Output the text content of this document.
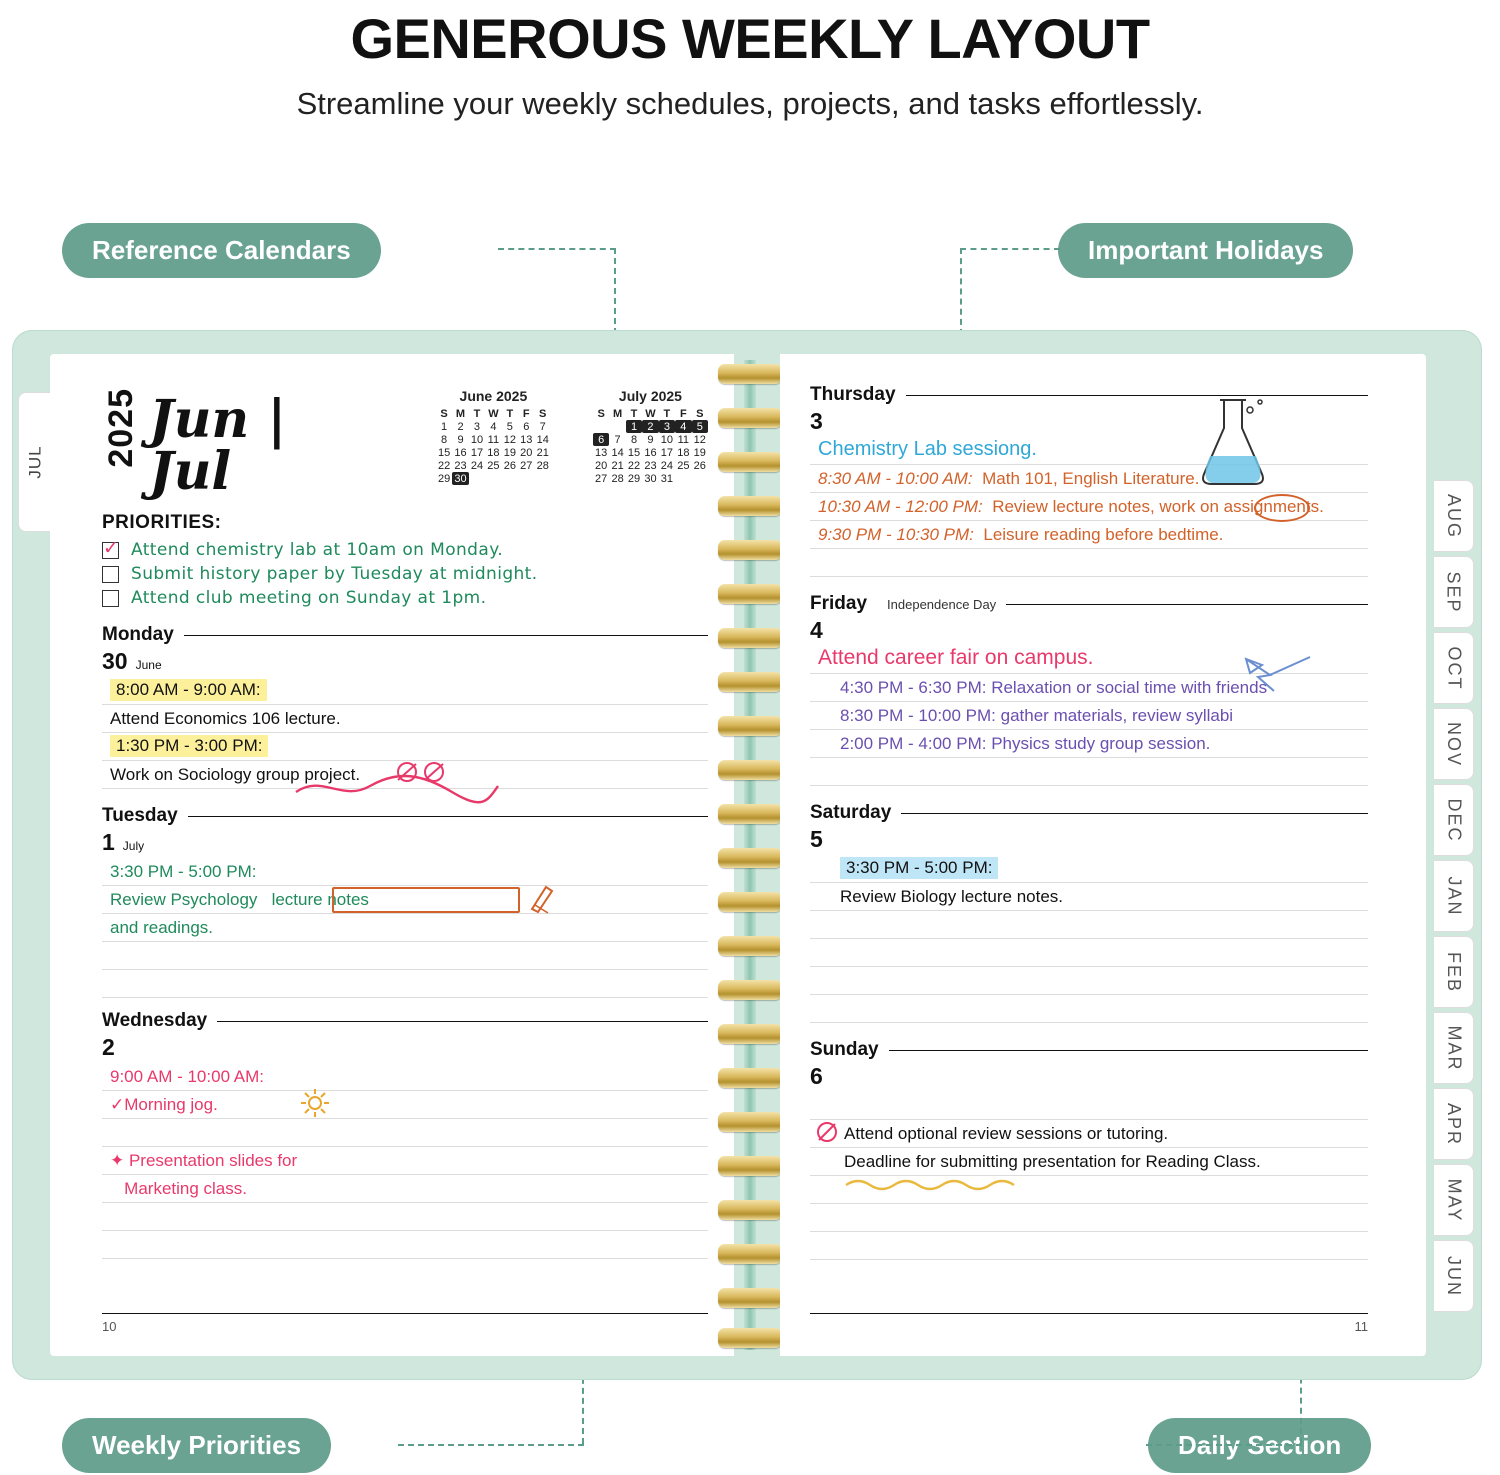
GENEROUS WEEKLY LAYOUT

Streamline your weekly schedules, projects, and tasks effortlessly.

Reference Calendars	Important Holidays
Weekly Priorities	Daily Section
JUL
AUG
SEP
OCT
NOV
DEC
JAN
FEB
MAR
APR
MAY
JUN
2025 Jun | Jul
June 2025
S	M	T	W	T	F	S
1	2	3	4	5	6	7
8	9	10	11	12	13	14
15	16	17	18	19	20	21
22	23	24	25	26	27	28
29	30					
July 2025
S	M	T	W	T	F	S
		1	2	3	4	5
6	7	8	9	10	11	12
13	14	15	16	17	18	19
20	21	22	23	24	25	26
27	28	29	30	31		
PRIORITIES:
✓
Attend chemistry lab at 10am on Monday.
Submit history paper by Tuesday at midnight.
Attend club meeting on Sunday at 1pm.
Monday
30 June
8:00 AM - 9:00 AM:
Attend Economics 106 lecture.
1:30 PM - 3:00 PM:
Work on Sociology group project.
Tuesday
1 July
3:30 PM - 5:00 PM:
Review Psychology   lecture notes
and readings.
Wednesday
2
9:00 AM - 10:00 AM:
✓Morning jog.
✦ Presentation slides for
Marketing class.
10
Thursday
3
Chemistry Lab sessiong.
8:30 AM - 10:00 AM: Math 101, English Literature.
10:30 AM - 12:00 PM: Review lecture notes, work on assignments.
9:30 PM - 10:30 PM: Leisure reading before bedtime.
Friday Independence Day
4
Attend career fair on campus.
4:30 PM - 6:30 PM: Relaxation or social time with friends
8:30 PM - 10:00 PM: gather materials, review syllabi
2:00 PM - 4:00 PM: Physics study group session.
Saturday
5
3:30 PM - 5:00 PM:
Review Biology lecture notes.
Sunday
6
Attend optional review sessions or tutoring.
Deadline for submitting presentation for Reading Class.
11
